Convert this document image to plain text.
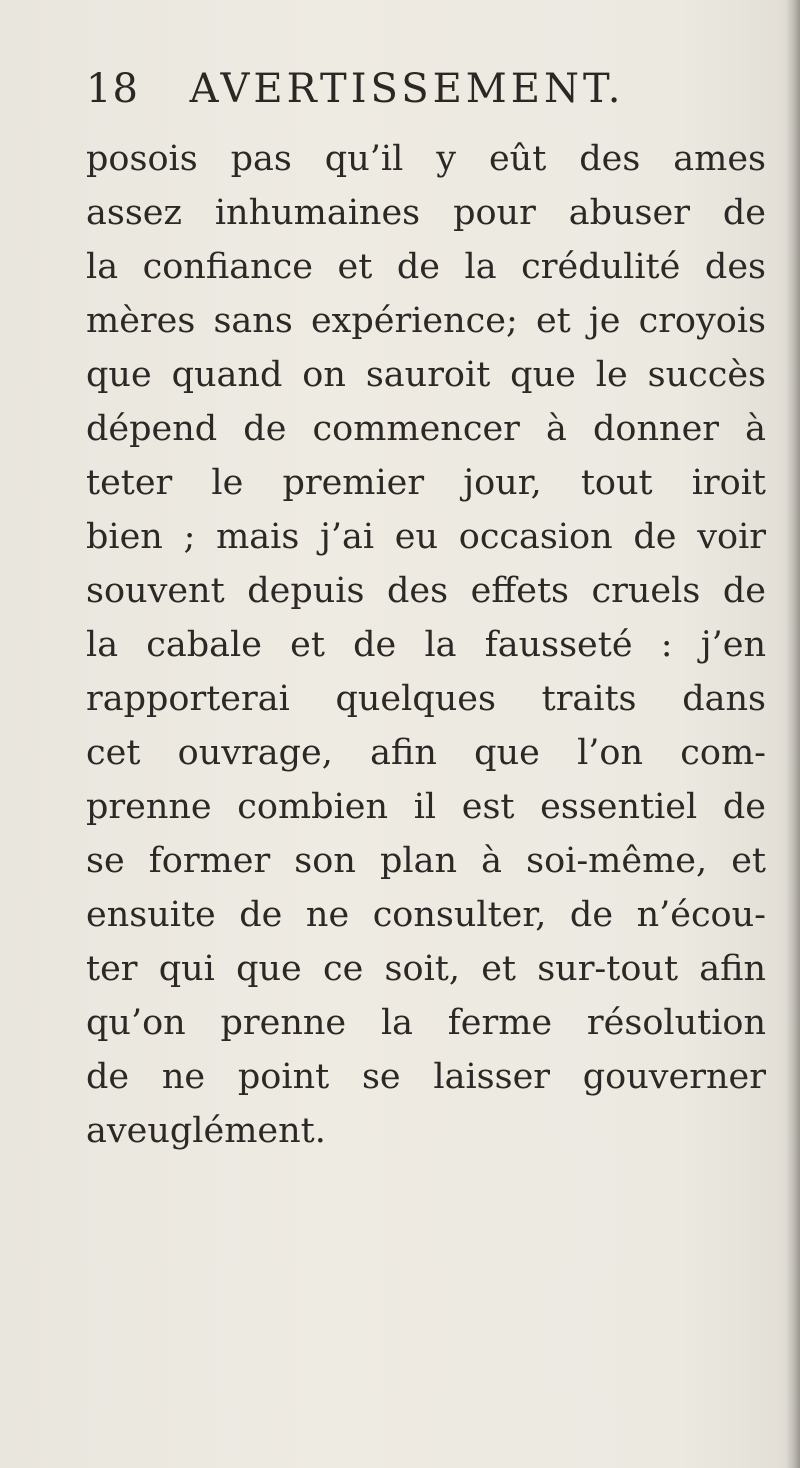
18 AVERTISSEMENT.
posois pas qu’il y eût des ames
assez inhumaines pour abuser de
la confiance et de la crédulité des
mères sans expérience; et je croyois
que quand on sauroit que le succès
dépend de commencer à donner à
teter le premier jour, tout iroit
bien ; mais j’ai eu occasion de voir
souvent depuis des effets cruels de
la cabale et de la fausseté : j’en
rapporterai quelques traits dans
cet ouvrage, afin que l’on com-
prenne combien il est essentiel de
se former son plan à soi-même, et
ensuite de ne consulter, de n’écou-
ter qui que ce soit, et sur-tout afin
qu’on prenne la ferme résolution
de ne point se laisser gouverner
aveuglément.
